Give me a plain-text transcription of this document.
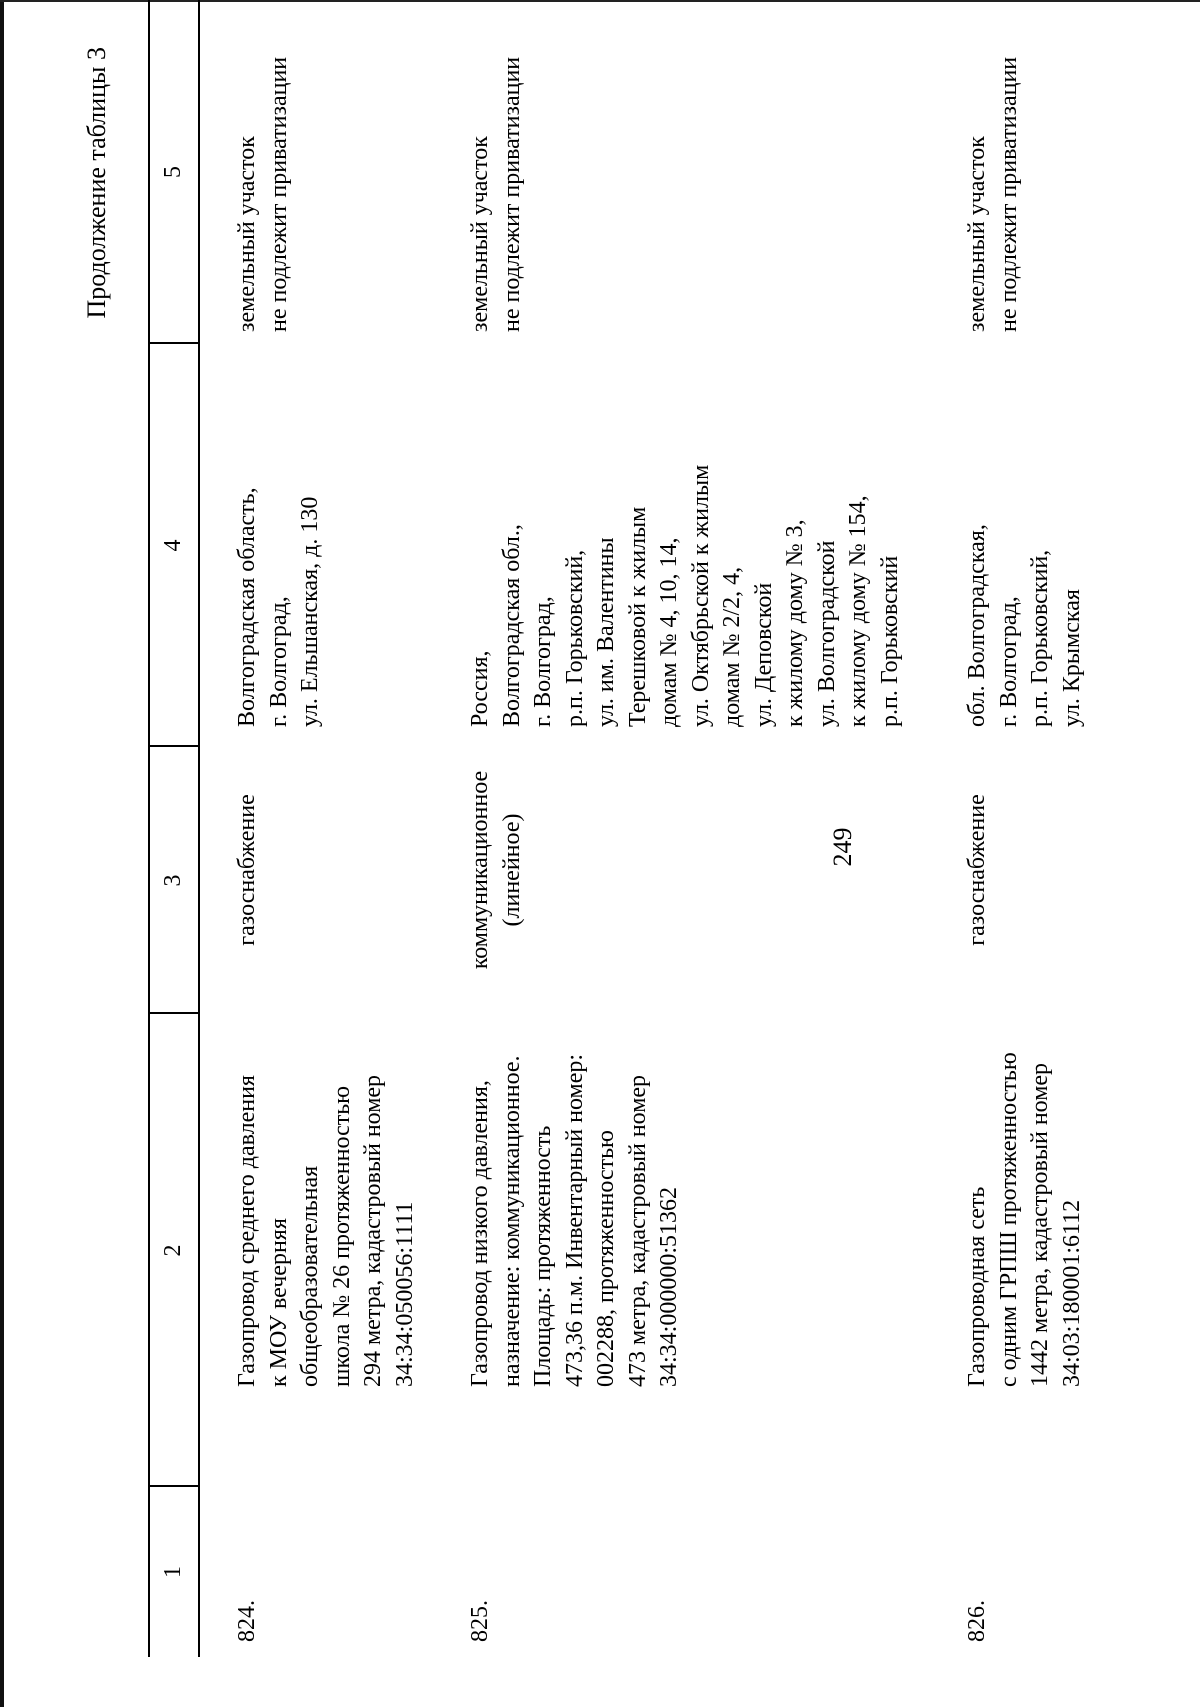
249
Продолжение таблицы 3
1
2
3
4
5
824.
Газопровод среднего давления к МОУ вечерняя общеобразовательная школа № 26 протяженностью 294 метра, кадастровый номер 34:34:050056:1111
газоснабжение
Волгоградская область, г. Волгоград, ул. Ельшанская, д. 130
земельный участок не подлежит приватизации
825.
Газопровод низкого давления, назначение: коммуникационное. Площадь: протяженность 473,36 п.м. Инвентарный номер: 002288, протяженностью 473 метра, кадастровый номер 34:34:000000:51362
коммуникационное (линейное)
Россия, Волгоградская обл., г. Волгоград, р.п. Горьковский, ул. им. Валентины Терешковой к жилым домам № 4, 10, 14, ул. Октябрьской к жилым домам № 2/2, 4, ул. Деповской к жилому дому № 3, ул. Волгоградской к жилому дому № 154, р.п. Горьковский
земельный участок не подлежит приватизации
826.
Газопроводная сеть с одним ГРПШ протяженностью 1442 метра, кадастровый номер 34:03:180001:6112
газоснабжение
обл. Волгоградская, г. Волгоград, р.п. Горьковский, ул. Крымская
земельный участок не подлежит приватизации
